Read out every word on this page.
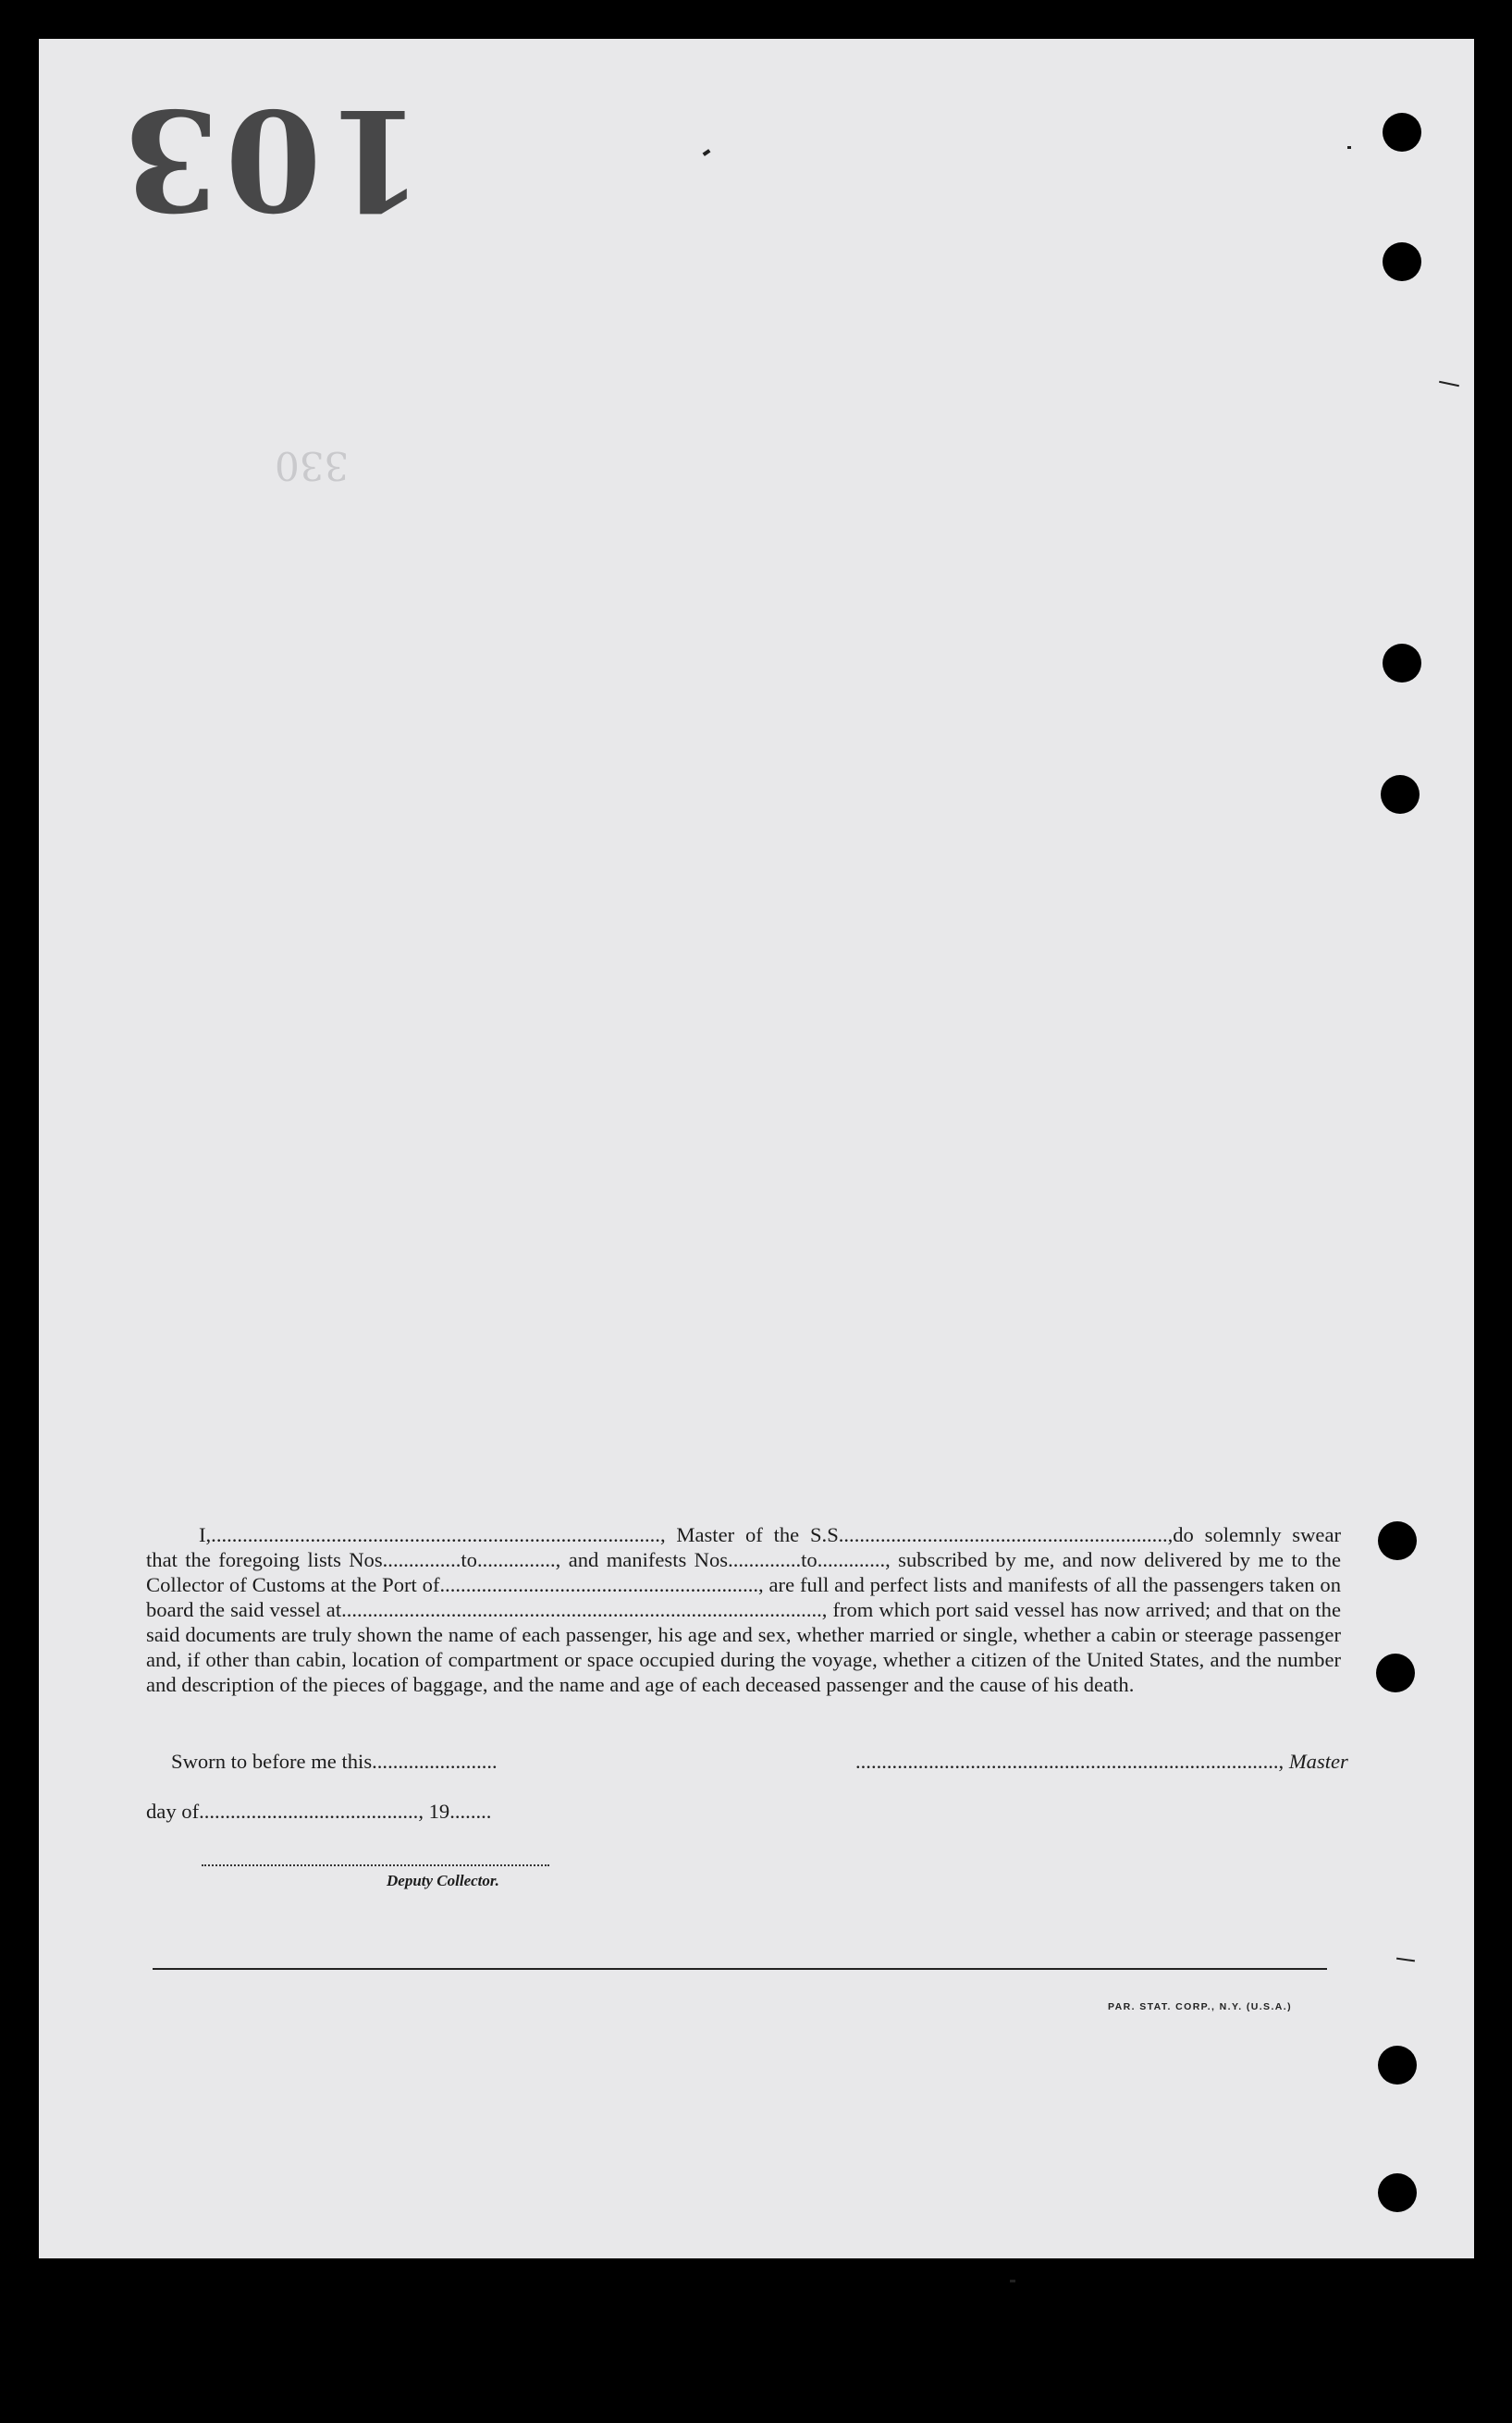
103
330

I,......................................................................................, Master of the S.S...............................................................,do solemnly swear that the foregoing lists Nos...............to..............., and manifests Nos..............to............., subscribed by me, and now delivered by me to the Collector of Customs at the Port of............................................................., are full and perfect lists and manifests of all the passengers taken on board the said vessel at............................................................................................, from which port said vessel has now arrived; and that on the said documents are truly shown the name of each passenger, his age and sex, whether married or single, whether a cabin or steerage passenger and, if other than cabin, location of compartment or space occupied during the voyage, whether a citizen of the United States, and the number and description of the pieces of baggage, and the name and age of each deceased passenger and the cause of his death.

Sworn to before me this........................	................................................................................., Master
day of.........................................., 19........
Deputy Collector.
PAR. STAT. CORP., N.Y. (U.S.A.)
